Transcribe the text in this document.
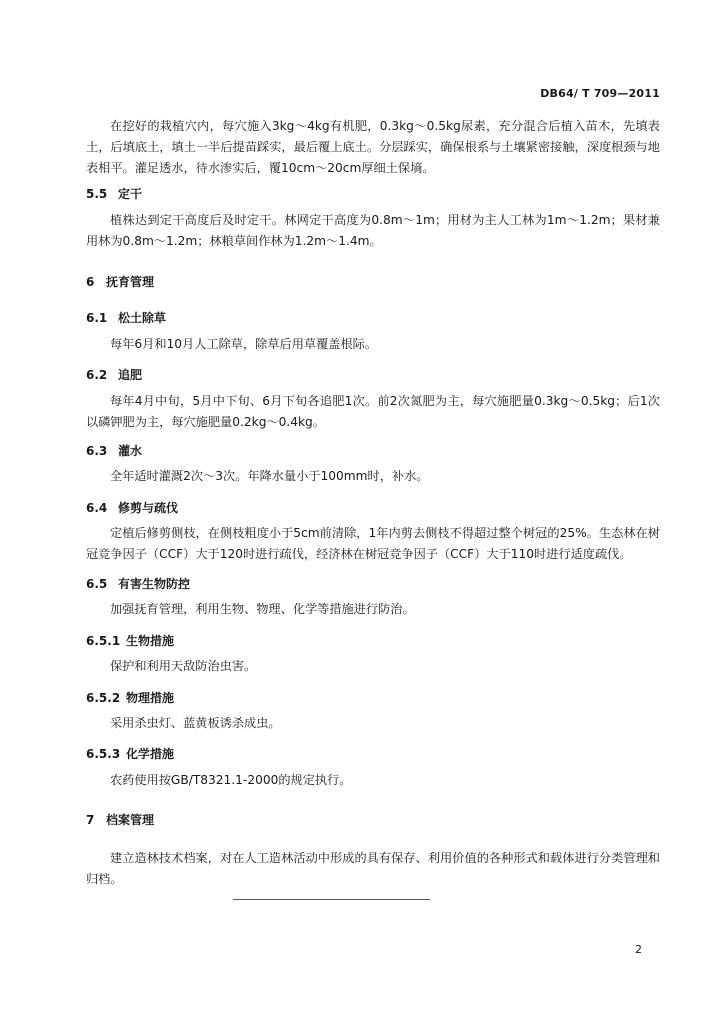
DB64/ T 709—2011

在挖好的栽植穴内，每穴施入3kg～4kg有机肥，0.3kg～0.5kg尿素，充分混合后植入苗木，先填表土，后填底土，填土一半后提苗踩实，最后覆上底土。分层踩实，确保根系与土壤紧密接触，深度根颈与地表相平。灌足透水，待水渗实后，覆10cm～20cm厚细土保墒。

5.5 定干

植株达到定干高度后及时定干。林网定干高度为0.8m～1m；用材为主人工林为1m～1.2m；果材兼用林为0.8m～1.2m；林粮草间作林为1.2m～1.4m。

6 抚育管理

6.1 松土除草

每年6月和10月人工除草，除草后用草覆盖根际。

6.2 追肥

每年4月中旬，5月中下旬、6月下旬各追肥1次。前2次氮肥为主，每穴施肥量0.3kg～0.5kg；后1次以磷钾肥为主，每穴施肥量0.2kg～0.4kg。

6.3 灌水

全年适时灌溉2次～3次。年降水量小于100mm时，补水。

6.4 修剪与疏伐

定植后修剪侧枝，在侧枝粗度小于5cm前清除，1年内剪去侧枝不得超过整个树冠的25%。生态林在树冠竞争因子（CCF）大于120时进行疏伐，经济林在树冠竞争因子（CCF）大于110时进行适度疏伐。

6.5 有害生物防控

加强抚育管理，利用生物、物理、化学等措施进行防治。

6.5.1 生物措施

保护和利用天敌防治虫害。

6.5.2 物理措施

采用杀虫灯、蓝黄板诱杀成虫。

6.5.3 化学措施

农药使用按GB/T8321.1-2000的规定执行。

7 档案管理

建立造林技术档案，对在人工造林活动中形成的具有保存、利用价值的各种形式和载体进行分类管理和归档。

2
